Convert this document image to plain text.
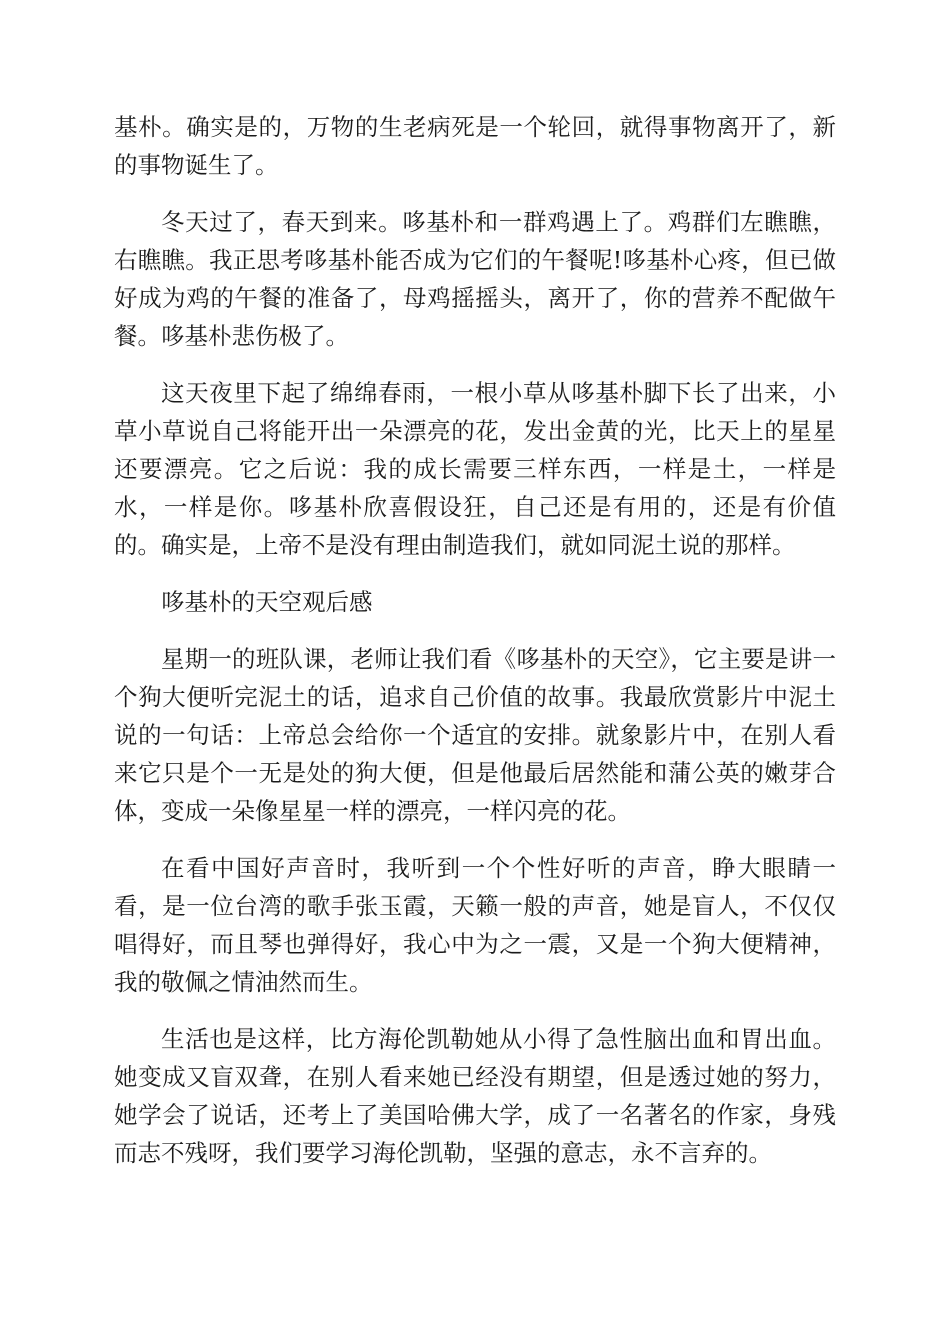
基朴。确实是的，万物的生老病死是一个轮回，就得事物离开了，新的事物诞生了。

冬天过了，春天到来。哆基朴和一群鸡遇上了。鸡群们左瞧瞧，右瞧瞧。我正思考哆基朴能否成为它们的午餐呢!哆基朴心疼，但已做好成为鸡的午餐的准备了，母鸡摇摇头，离开了，你的营养不配做午餐。哆基朴悲伤极了。

这天夜里下起了绵绵春雨，一根小草从哆基朴脚下长了出来，小草小草说自己将能开出一朵漂亮的花，发出金黄的光，比天上的星星还要漂亮。它之后说：我的成长需要三样东西，一样是土，一样是水，一样是你。哆基朴欣喜假设狂，自己还是有用的，还是有价值的。确实是，上帝不是没有理由制造我们，就如同泥土说的那样。

哆基朴的天空观后感

星期一的班队课，老师让我们看《哆基朴的天空》，它主要是讲一个狗大便听完泥土的话，追求自己价值的故事。我最欣赏影片中泥土说的一句话：上帝总会给你一个适宜的安排。就象影片中，在别人看来它只是个一无是处的狗大便，但是他最后居然能和蒲公英的嫩芽合体，变成一朵像星星一样的漂亮，一样闪亮的花。

在看中国好声音时，我听到一个个性好听的声音，睁大眼睛一看，是一位台湾的歌手张玉霞，天籁一般的声音，她是盲人，不仅仅唱得好，而且琴也弹得好，我心中为之一震，又是一个狗大便精神，我的敬佩之情油然而生。

生活也是这样，比方海伦凯勒她从小得了急性脑出血和胃出血。她变成又盲双聋，在别人看来她已经没有期望，但是透过她的努力，她学会了说话，还考上了美国哈佛大学，成了一名著名的作家，身残而志不残呀，我们要学习海伦凯勒，坚强的意志，永不言弃的。
